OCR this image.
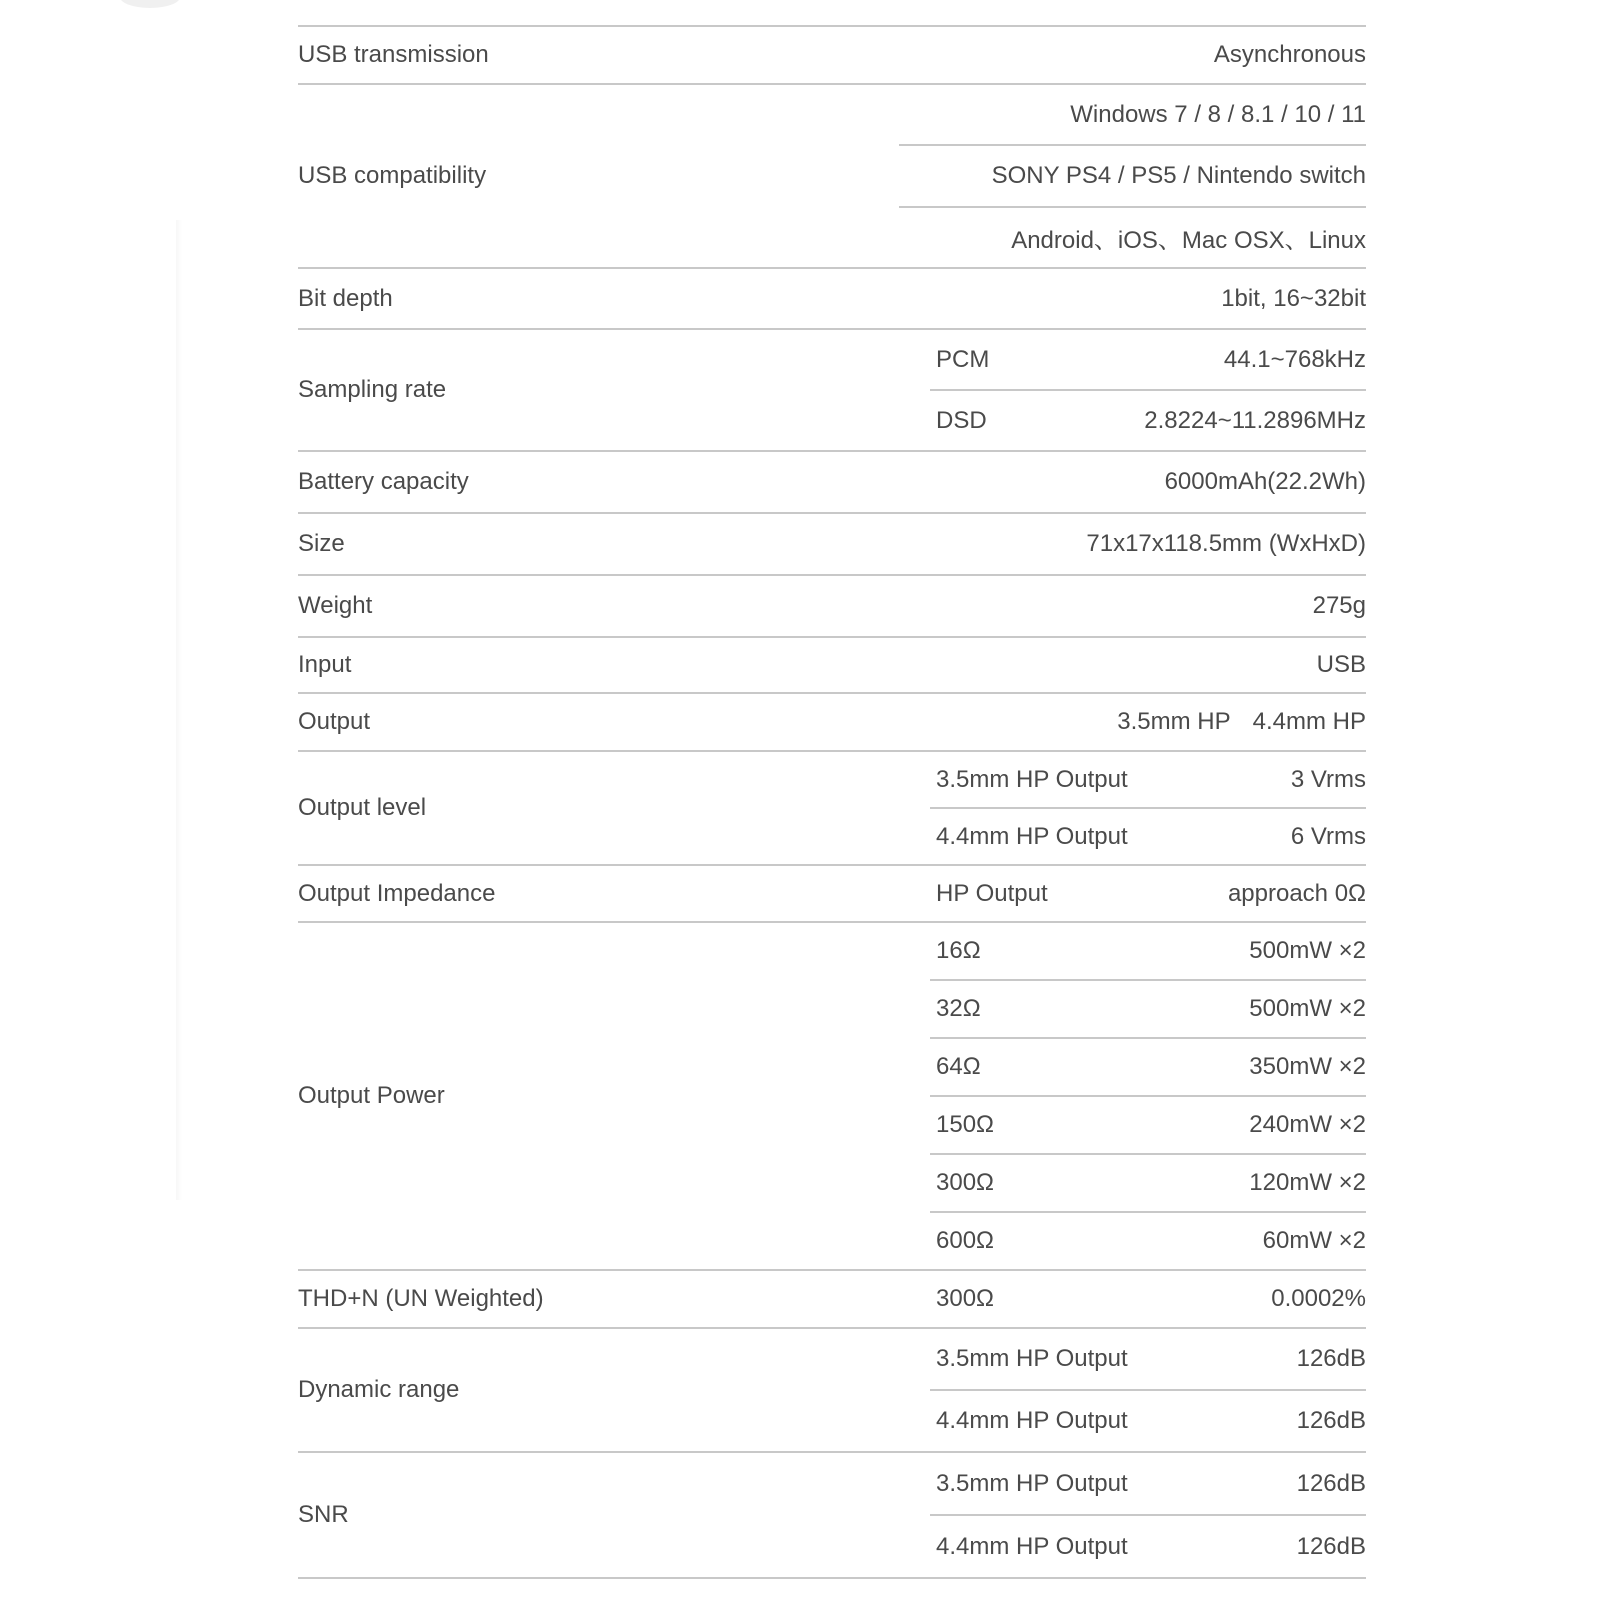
USB transmission	Asynchronous
USB compatibility
Windows 7 / 8 / 8.1 / 10 / 11
SONY PS4 / PS5 / Nintendo switch
Android、iOS、Mac OSX、Linux
Bit depth	1bit, 16~32bit
Sampling rate
PCM	44.1~768kHz
DSD	2.8224~11.2896MHz
Battery capacity	6000mAh(22.2Wh)
Size	71x17x118.5mm (WxHxD)
Weight	275g
Input	USB
Output	3.5mm HP 4.4mm HP
Output level
3.5mm HP Output	3 Vrms
4.4mm HP Output	6 Vrms
Output Impedance	HP Output	approach 0Ω
Output Power
16Ω	500mW ×2
32Ω	500mW ×2
64Ω	350mW ×2
150Ω	240mW ×2
300Ω	120mW ×2
600Ω	60mW ×2
THD+N (UN Weighted)	300Ω	0.0002%
Dynamic range
3.5mm HP Output	126dB
4.4mm HP Output	126dB
SNR
3.5mm HP Output	126dB
4.4mm HP Output	126dB
